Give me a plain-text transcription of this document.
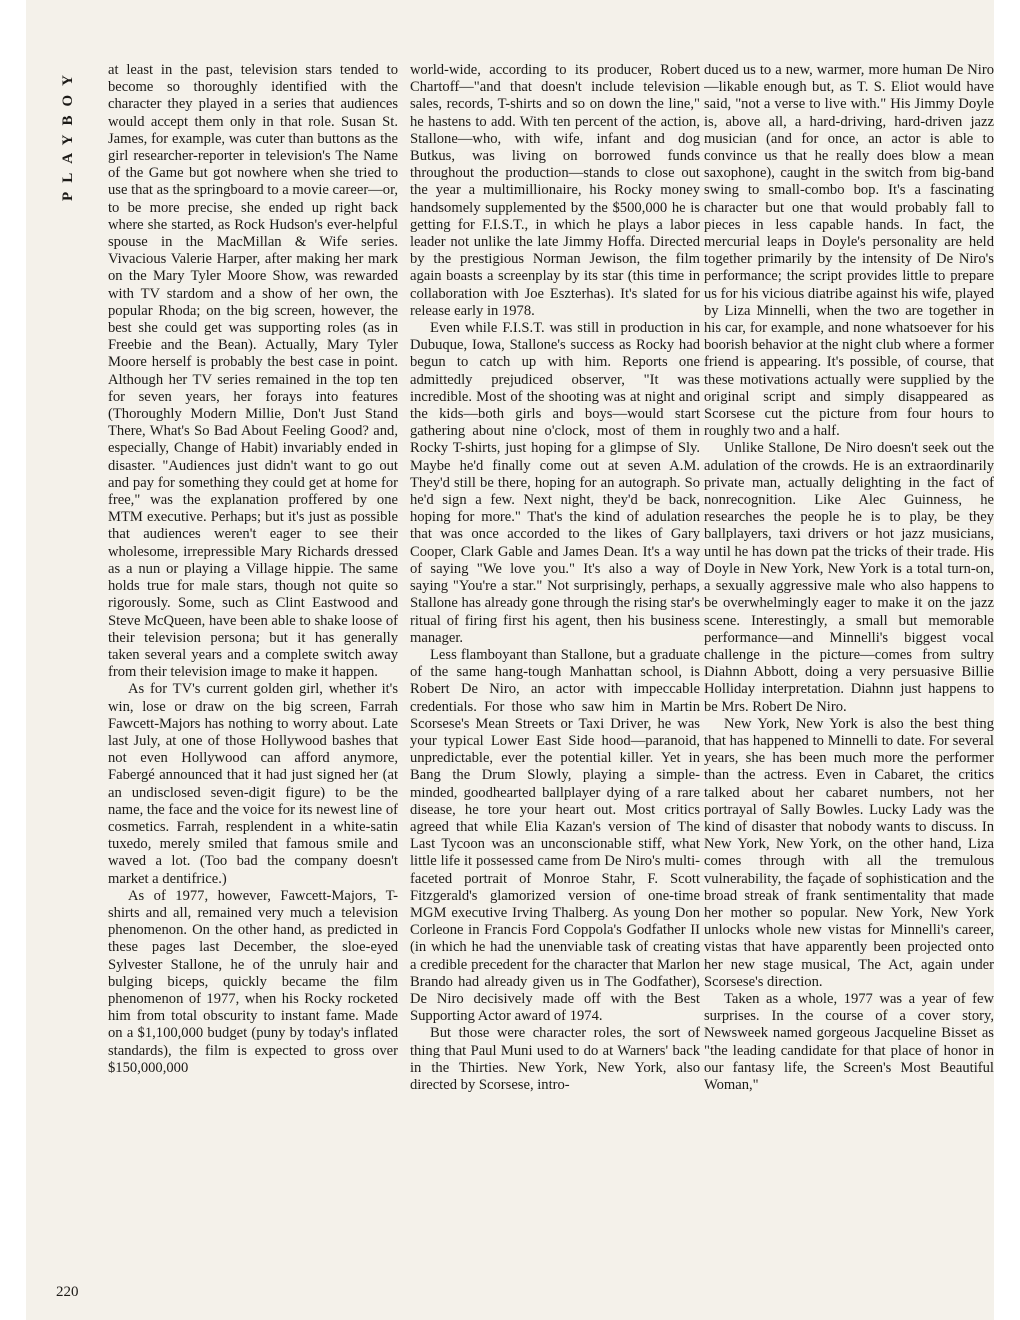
PLAYBOY at least in the past, television stars tended to become so thoroughly identified with the character they played in a series that audiences would accept them only in that role. Susan St. James, for example, was cuter than buttons as the girl researcher-reporter in television's The Name of the Game but got nowhere when she tried to use that as the springboard to a movie career—or, to be more precise, she ended up right back where she started, as Rock Hudson's ever-helpful spouse in the MacMillan & Wife series. Vivacious Valerie Harper, after making her mark on the Mary Tyler Moore Show, was rewarded with TV stardom and a show of her own, the popular Rhoda; on the big screen, however, the best she could get was supporting roles (as in Freebie and the Bean). Actually, Mary Tyler Moore herself is probably the best case in point. Although her TV series remained in the top ten for seven years, her forays into features (Thoroughly Modern Millie, Don't Just Stand There, What's So Bad About Feeling Good? and, especially, Change of Habit) invariably ended in disaster. "Audiences just didn't want to go out and pay for something they could get at home for free," was the explanation proffered by one MTM executive. Perhaps; but it's just as possible that audiences weren't eager to see their wholesome, irrepressible Mary Richards dressed as a nun or playing a Village hippie. The same holds true for male stars, though not quite so rigorously. Some, such as Clint Eastwood and Steve McQueen, have been able to shake loose of their television persona; but it has generally taken several years and a complete switch away from their television image to make it happen.

As for TV's current golden girl, whether it's win, lose or draw on the big screen, Farrah Fawcett-Majors has nothing to worry about. Late last July, at one of those Hollywood bashes that not even Hollywood can afford anymore, Fabergé announced that it had just signed her (at an undisclosed seven-digit figure) to be the name, the face and the voice for its newest line of cosmetics. Farrah, resplendent in a white-satin tuxedo, merely smiled that famous smile and waved a lot. (Too bad the company doesn't market a dentifrice.)

As of 1977, however, Fawcett-Majors, T-shirts and all, remained very much a television phenomenon. On the other hand, as predicted in these pages last December, the sloe-eyed Sylvester Stallone, he of the unruly hair and bulging biceps, quickly became the film phenomenon of 1977, when his Rocky rocketed him from total obscurity to instant fame. Made on a $1,100,000 budget (puny by today's inflated standards), the film is expected to gross over $150,000,000

world-wide, according to its producer, Robert Chartoff—"and that doesn't include television sales, records, T-shirts and so on down the line," he hastens to add. With ten percent of the action, Stallone—who, with wife, infant and dog Butkus, was living on borrowed funds throughout the production—stands to close out the year a multimillionaire, his Rocky money handsomely supplemented by the $500,000 he is getting for F.I.S.T., in which he plays a labor leader not unlike the late Jimmy Hoffa. Directed by the prestigious Norman Jewison, the film again boasts a screenplay by its star (this time in collaboration with Joe Eszterhas). It's slated for release early in 1978.

Even while F.I.S.T. was still in production in Dubuque, Iowa, Stallone's success as Rocky had begun to catch up with him. Reports one admittedly prejudiced observer, "It was incredible. Most of the shooting was at night and the kids—both girls and boys—would start gathering about nine o'clock, most of them in Rocky T-shirts, just hoping for a glimpse of Sly. Maybe he'd finally come out at seven A.M. They'd still be there, hoping for an autograph. So he'd sign a few. Next night, they'd be back, hoping for more." That's the kind of adulation that was once accorded to the likes of Gary Cooper, Clark Gable and James Dean. It's a way of saying "We love you." It's also a way of saying "You're a star." Not surprisingly, perhaps, Stallone has already gone through the rising star's ritual of firing first his agent, then his business manager.

Less flamboyant than Stallone, but a graduate of the same hang-tough Manhattan school, is Robert De Niro, an actor with impeccable credentials. For those who saw him in Martin Scorsese's Mean Streets or Taxi Driver, he was your typical Lower East Side hood—paranoid, unpredictable, ever the potential killer. Yet in Bang the Drum Slowly, playing a simple-minded, goodhearted ballplayer dying of a rare disease, he tore your heart out. Most critics agreed that while Elia Kazan's version of The Last Tycoon was an unconscionable stiff, what little life it possessed came from De Niro's multi-faceted portrait of Monroe Stahr, F. Scott Fitzgerald's glamorized version of one-time MGM executive Irving Thalberg. As young Don Corleone in Francis Ford Coppola's Godfather II (in which he had the unenviable task of creating a credible precedent for the character that Marlon Brando had already given us in The Godfather), De Niro decisively made off with the Best Supporting Actor award of 1974.

But those were character roles, the sort of thing that Paul Muni used to do at Warners' back in the Thirties. New York, New York, also directed by Scorsese, intro-

duced us to a new, warmer, more human De Niro—likable enough but, as T. S. Eliot would have said, "not a verse to live with." His Jimmy Doyle is, above all, a hard-driving, hard-driven jazz musician (and for once, an actor is able to convince us that he really does blow a mean saxophone), caught in the switch from big-band swing to small-combo bop. It's a fascinating character but one that would probably fall to pieces in less capable hands. In fact, the mercurial leaps in Doyle's personality are held together primarily by the intensity of De Niro's performance; the script provides little to prepare us for his vicious diatribe against his wife, played by Liza Minnelli, when the two are together in his car, for example, and none whatsoever for his boorish behavior at the night club where a former friend is appearing. It's possible, of course, that these motivations actually were supplied by the original script and simply disappeared as Scorsese cut the picture from four hours to roughly two and a half.

Unlike Stallone, De Niro doesn't seek out the adulation of the crowds. He is an extraordinarily private man, actually delighting in the fact of nonrecognition. Like Alec Guinness, he researches the people he is to play, be they ballplayers, taxi drivers or hot jazz musicians, until he has down pat the tricks of their trade. His Doyle in New York, New York is a total turn-on, a sexually aggressive male who also happens to be overwhelmingly eager to make it on the jazz scene. Interestingly, a small but memorable performance—and Minnelli's biggest vocal challenge in the picture—comes from sultry Diahnn Abbott, doing a very persuasive Billie Holliday interpretation. Diahnn just happens to be Mrs. Robert De Niro.

New York, New York is also the best thing that has happened to Minnelli to date. For several years, she has been much more the performer than the actress. Even in Cabaret, the critics talked about her cabaret numbers, not her portrayal of Sally Bowles. Lucky Lady was the kind of disaster that nobody wants to discuss. In New York, New York, on the other hand, Liza comes through with all the tremulous vulnerability, the façade of sophistication and the broad streak of frank sentimentality that made her mother so popular. New York, New York unlocks whole new vistas for Minnelli's career, vistas that have apparently been projected onto her new stage musical, The Act, again under Scorsese's direction.

Taken as a whole, 1977 was a year of few surprises. In the course of a cover story, Newsweek named gorgeous Jacqueline Bisset as "the leading candidate for that place of honor in our fantasy life, the Screen's Most Beautiful Woman,"

220
